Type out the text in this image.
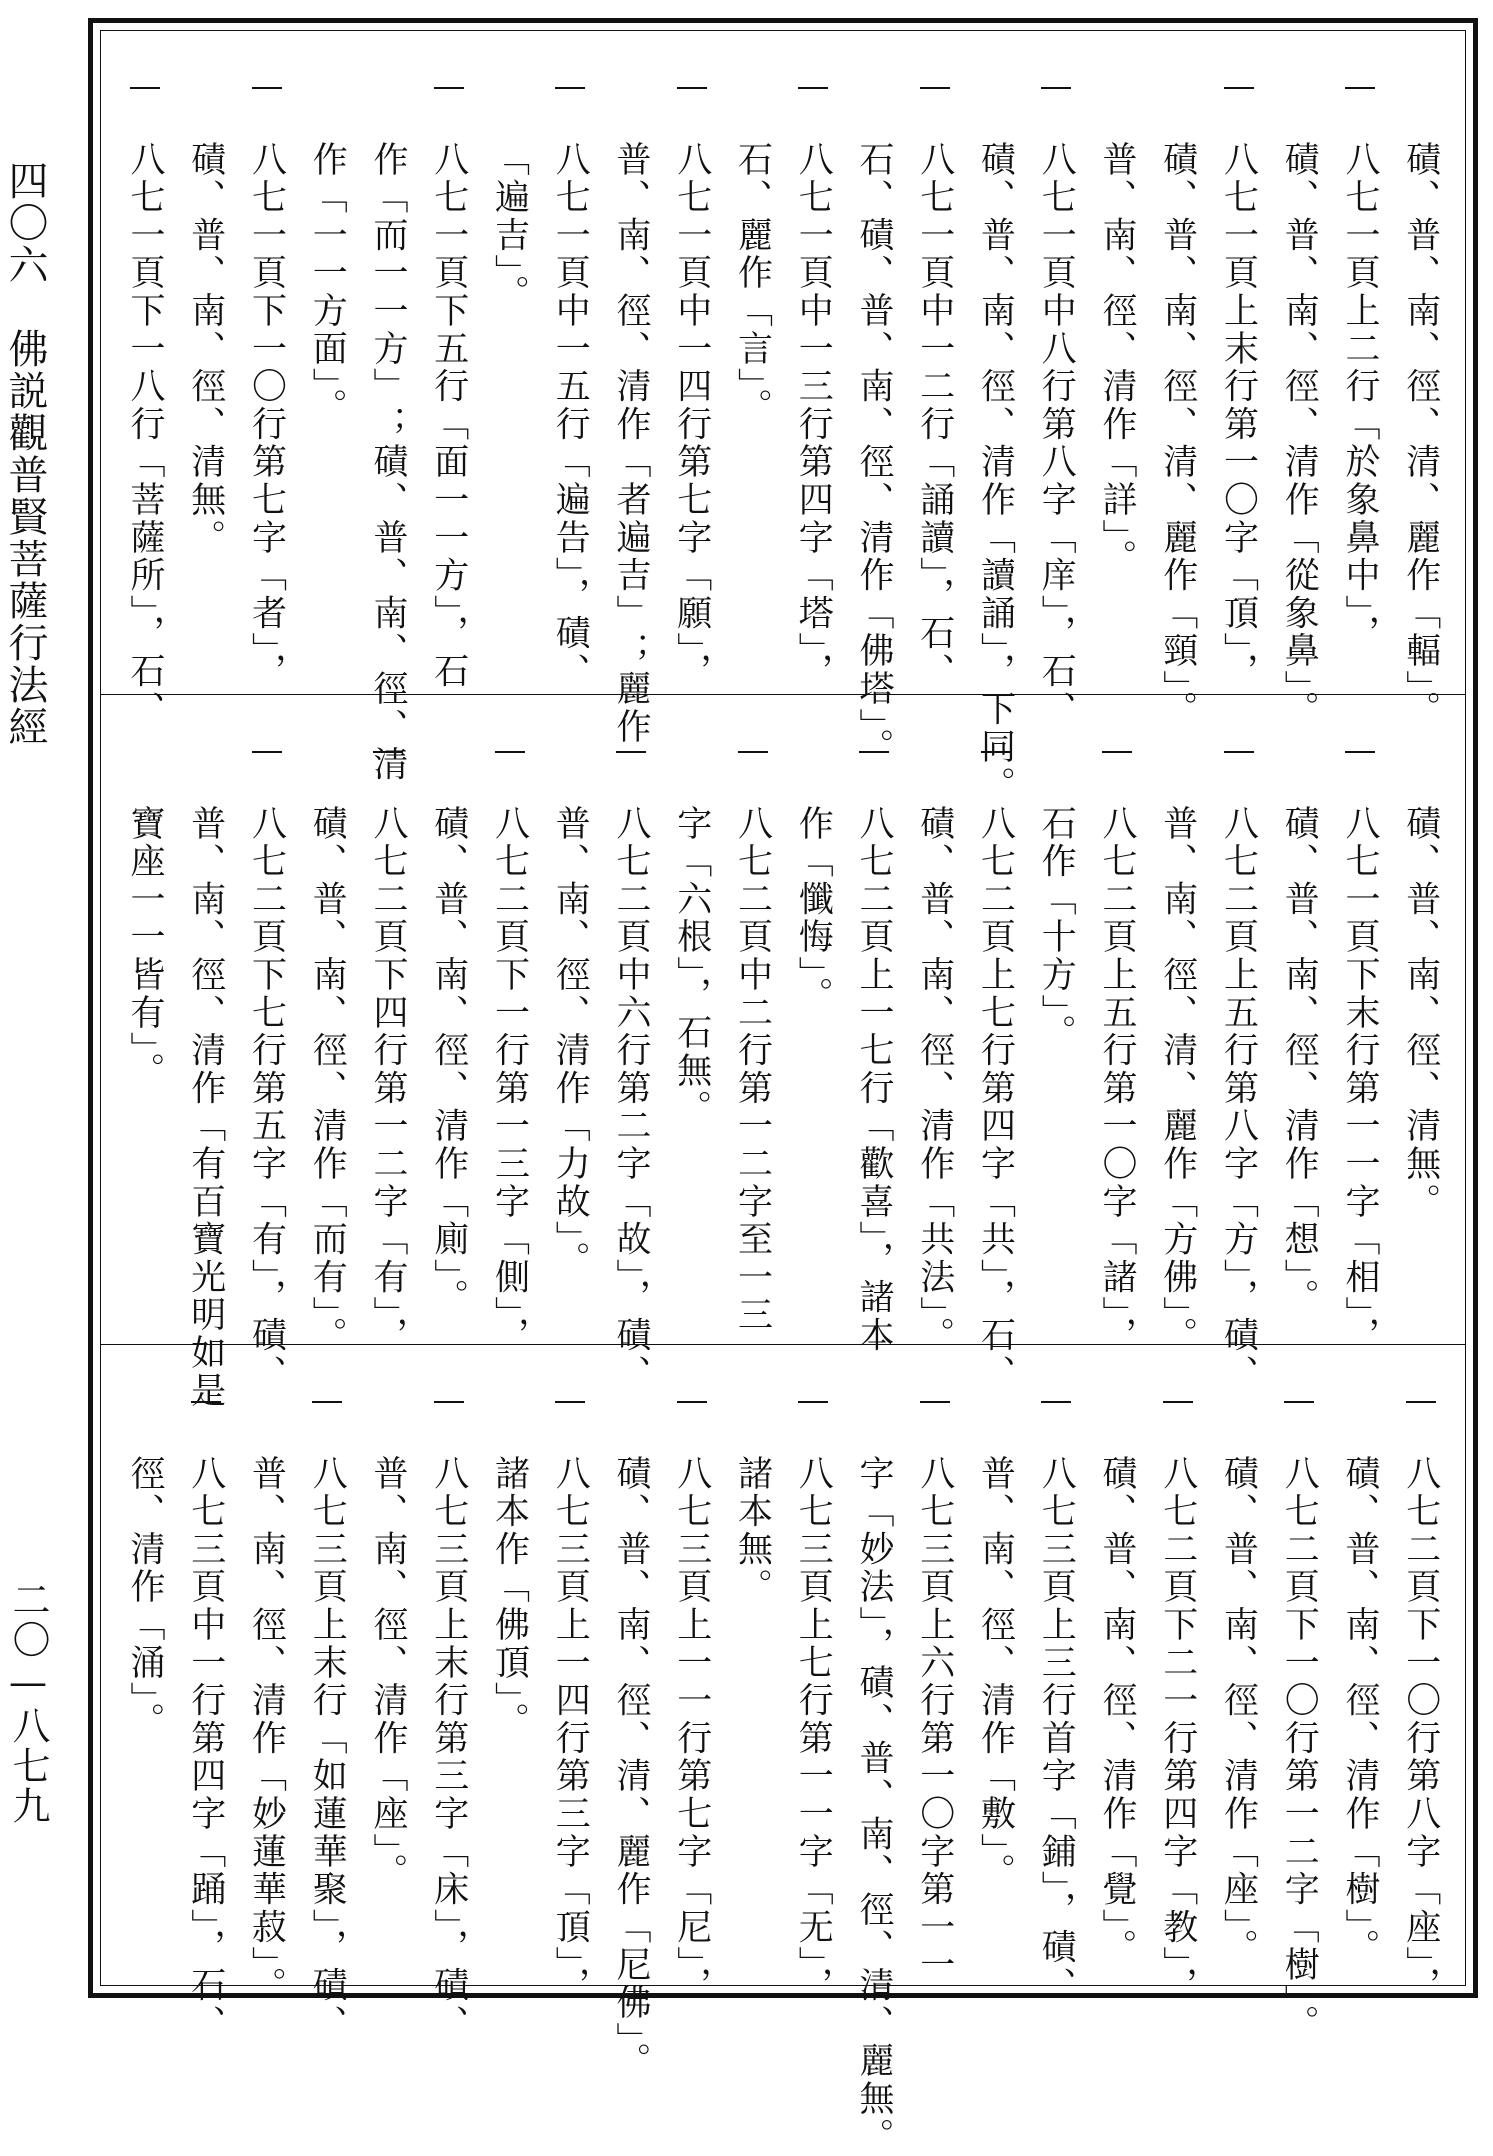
四〇六　佛説觀普賢菩薩行法經
二〇—八七九
磧、普、南、徑、清、麗作「輻」。
八七一頁上二行「於象鼻中」，
磧、普、南、徑、清作「從象鼻」。
八七一頁上末行第一〇字「頂」，
磧、普、南、徑、清、麗作「頸」。
普、南、徑、清作「詳」。
八七一頁中八行第八字「庠」，石、
磧、普、南、徑、清作「讀誦」，下同。
八七一頁中一二行「誦讀」，石、
石、磧、普、南、徑、清作「佛塔」。
八七一頁中一三行第四字「塔」，
石、麗作「言」。
八七一頁中一四行第七字「願」，
普、南、徑、清作「者遍吉」；麗作
八七一頁中一五行「遍告」，磧、
「遍吉」。
八七一頁下五行「面一一方」，石
作「而一一方」；磧、普、南、徑、清
作「一一方面」。
八七一頁下一〇行第七字「者」，
磧、普、南、徑、清無。
八七一頁下一八行「菩薩所」，石、
磧、普、南、徑、清無。
八七一頁下末行第一一字「相」，
磧、普、南、徑、清作「想」。
八七二頁上五行第八字「方」，磧、
普、南、徑、清、麗作「方佛」。
八七二頁上五行第一〇字「諸」，
石作「十方」。
八七二頁上七行第四字「共」，石、
磧、普、南、徑、清作「共法」。
八七二頁上一七行「歡喜」，諸本
作「懺悔」。
八七二頁中二行第一二字至一三
字「六根」，石無。
八七二頁中六行第二字「故」，磧、
普、南、徑、清作「力故」。
八七二頁下一行第一三字「側」，
磧、普、南、徑、清作「廁」。
八七二頁下四行第一二字「有」，
磧、普、南、徑、清作「而有」。
八七二頁下七行第五字「有」，磧、
普、南、徑、清作「有百寶光明如是
寶座一一皆有」。
八七二頁下一〇行第八字「座」，
磧、普、南、徑、清作「樹」。
八七二頁下一〇行第一二字「樹」。
磧、普、南、徑、清作「座」。
八七二頁下二一行第四字「教」，
磧、普、南、徑、清作「覺」。
八七三頁上三行首字「鋪」，磧、
普、南、徑、清作「敷」。
八七三頁上六行第一〇字第一一
字「妙法」，磧、普、南、徑、清、麗無。
八七三頁上七行第一一字「无」，
諸本無。
八七三頁上一一行第七字「尼」，
磧、普、南、徑、清、麗作「尼佛」。
八七三頁上一四行第三字「頂」，
諸本作「佛頂」。
八七三頁上末行第三字「床」，磧、
普、南、徑、清作「座」。
八七三頁上末行「如蓮華聚」，磧、
普、南、徑、清作「妙蓮華菽」。
八七三頁中一行第四字「踊」，石、
徑、清作「涌」。
